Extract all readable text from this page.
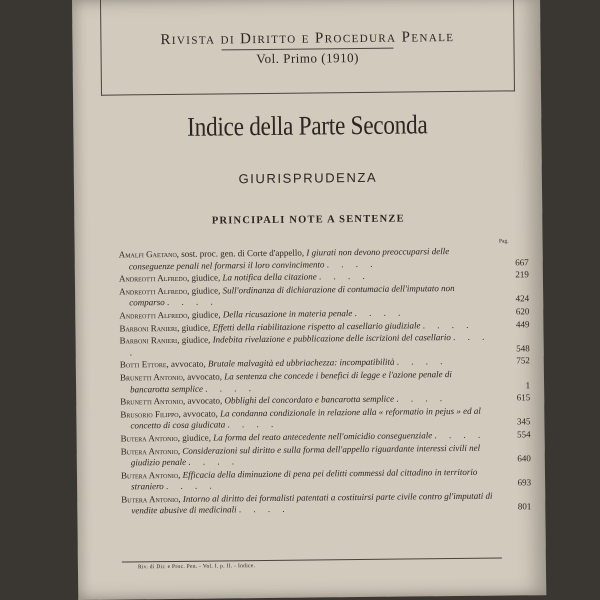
Rivista di Diritto e Procedura Penale
Vol. Primo (1910)
Indice della Parte Seconda
GIURISPRUDENZA
PRINCIPALI NOTE A SENTENZE
Pag.
Amalfi Gaetano, sost. proc. gen. di Corte d'appello, I giurati non devono preoccuparsi delle conseguenze penali nel formarsi il loro convincimento . . . .	667
Andreotti Alfredo, giudice, La notifica della citazione . . . .	219
Andreotti Alfredo, giudice, Sull'ordinanza di dichiarazione di contumacia dell'imputato non comparso . . . .	424
Andreotti Alfredo, giudice, Della ricusazione in materia penale . . . .	620
Barboni Ranieri, giudice, Effetti della riabilitazione rispetto al casellario giudiziale . . . .	449
Barboni Ranieri, giudice, Indebita rivelazione e pubblicazione delle iscrizioni del casellario . . . .	548
Botti Ettore, avvocato, Brutale malvagità ed ubbriachezza: incompatibilità . . . .	752
Brunetti Antonio, avvocato, La sentenza che concede i benefici di legge e l'azione penale di bancarotta semplice . . . .	1
Brunetti Antonio, avvocato, Obblighi del concordato e bancarotta semplice . . . .	615
Brusorio Filippo, avvocato, La condanna condizionale in relazione alla « reformatio in pejus » ed al concetto di cosa giudicata . . . .	345
Butera Antonio, giudice, La forma del reato antecedente nell'omicidio conseguenziale . . . .	554
Butera Antonio, Considerazioni sul diritto e sulla forma dell'appello riguardante interessi civili nel giudizio penale . . . .	640
Butera Antonio, Efficacia della diminuzione di pena pei delitti commessi dal cittadino in territorio straniero . . . .	693
Butera Antonio, Intorno al diritto dei formalisti patentati a costituirsi parte civile contro gl'imputati di vendite abusive di medicinali . . . .	801
Riv. di Dir. e Proc. Pen. - Vol. I. p. II. - Indice.
